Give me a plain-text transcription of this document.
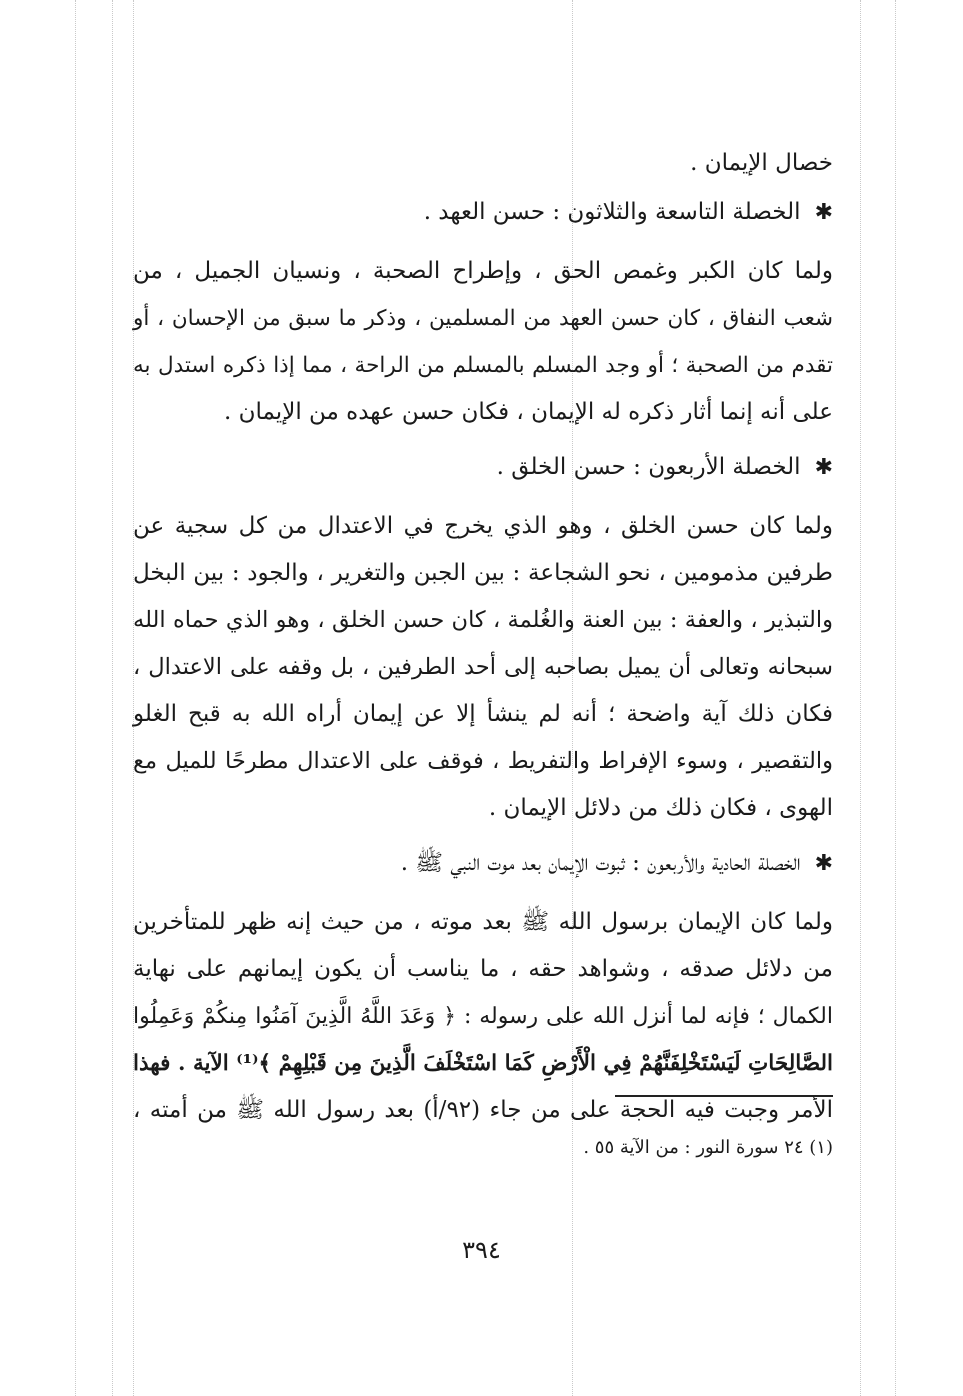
خصال الإيمان .
✱الخصلة التاسعة والثلاثون : حسن العهد .
ولما كان الكبر وغمص الحق ، وإطراح الصحبة ، ونسيان الجميل ، من
شعب النفاق ، كان حسن العهد من المسلمين ، وذكر ما سبق من الإحسان ، أو
تقدم من الصحبة ؛ أو وجد المسلم بالمسلم من الراحة ، مما إذا ذكره استدل به
على أنه إنما أثار ذكره له الإيمان ، فكان حسن عهده من الإيمان .
✱الخصلة الأربعون : حسن الخلق .
ولما كان حسن الخلق ، وهو الذي يخرج في الاعتدال من كل سجية عن
طرفين مذمومين ، نحو الشجاعة : بين الجبن والتغرير ، والجود : بين البخل
والتبذير ، والعفة : بين العنة والغُلمة ، كان حسن الخلق ، وهو الذي حماه الله
سبحانه وتعالى أن يميل بصاحبه إلى أحد الطرفين ، بل وقفه على الاعتدال ،
فكان ذلك آية واضحة ؛ أنه لم ينشأ إلا عن إيمان أراه الله به قبح الغلو
والتقصير ، وسوء الإفراط والتفريط ، فوقف على الاعتدال مطرحًا للميل مع
الهوى ، فكان ذلك من دلائل الإيمان .
✱الخصلة الحادية والأربعون : ثبوت الإيمان بعد موت النبي ﷺ .
ولما كان الإيمان برسول الله ﷺ بعد موته ، من حيث إنه ظهر للمتأخرين
من دلائل صدقه ، وشواهد حقه ، ما يناسب أن يكون إيمانهم على نهاية
الكمال ؛ فإنه لما أنزل الله على رسوله : ﴿ وَعَدَ اللَّهُ الَّذِينَ آمَنُوا مِنكُمْ وَعَمِلُوا
الصَّالِحَاتِ لَيَسْتَخْلِفَنَّهُمْ فِي الْأَرْضِ كَمَا اسْتَخْلَفَ الَّذِينَ مِن قَبْلِهِمْ ﴾⁽¹⁾ الآية . فهذا
الأمر وجبت فيه الحجة على من جاء (٩٢/أ) بعد رسول الله ﷺ من أمته ،
(١) ٢٤ سورة النور : من الآية ٥٥ .
٣٩٤
